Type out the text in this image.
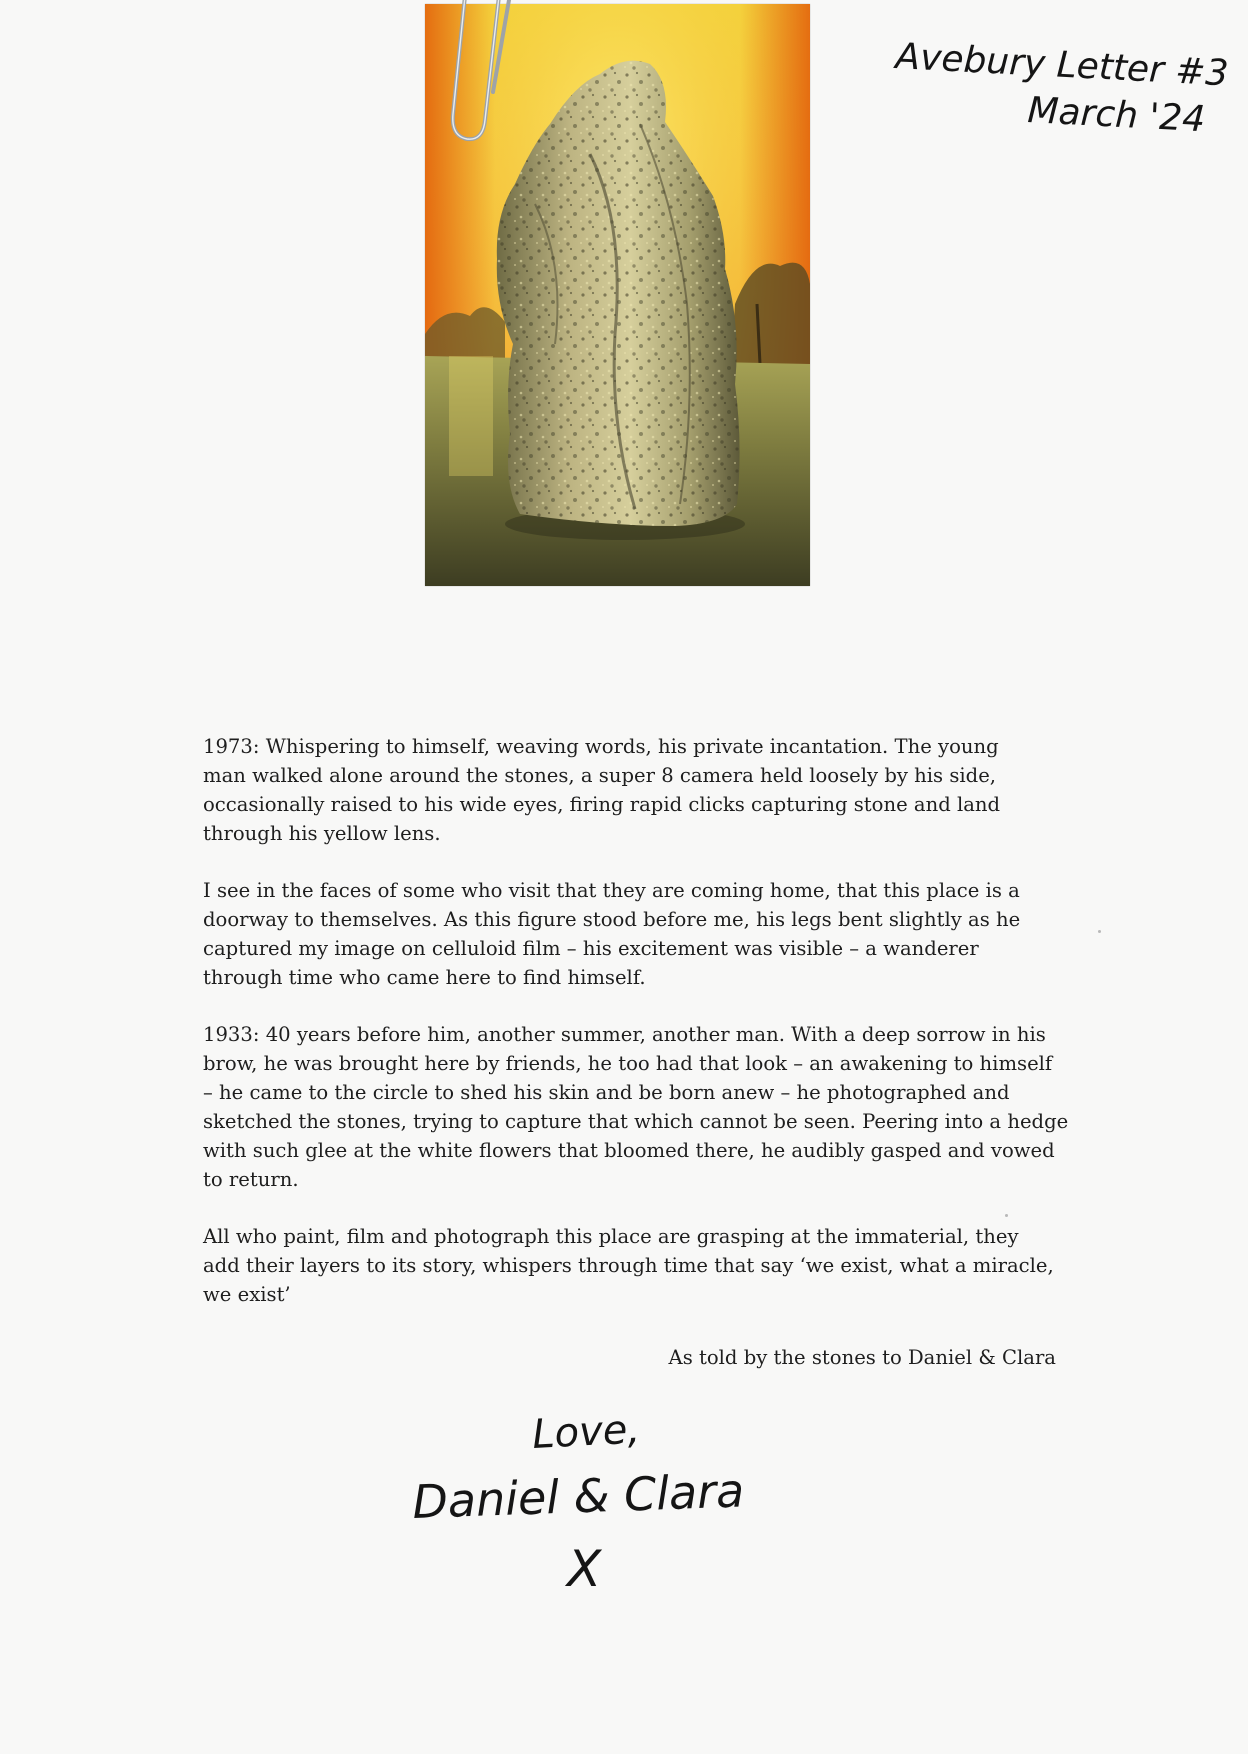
Avebury Letter #3
March '24

1973: Whispering to himself, weaving words, his private incantation. The young
man walked alone around the stones, a super 8 camera held loosely by his side,
occasionally raised to his wide eyes, firing rapid clicks capturing stone and land
through his yellow lens.

I see in the faces of some who visit that they are coming home, that this place is a
doorway to themselves. As this figure stood before me, his legs bent slightly as he
captured my image on celluloid film – his excitement was visible – a wanderer
through time who came here to find himself.

1933: 40 years before him, another summer, another man. With a deep sorrow in his
brow, he was brought here by friends, he too had that look – an awakening to himself
– he came to the circle to shed his skin and be born anew – he photographed and
sketched the stones, trying to capture that which cannot be seen. Peering into a hedge
with such glee at the white flowers that bloomed there, he audibly gasped and vowed
to return.

All who paint, film and photograph this place are grasping at the immaterial, they
add their layers to its story, whispers through time that say ‘we exist, what a miracle,
we exist’

As told by the stones to Daniel & Clara
Love,
Daniel & Clara
X
